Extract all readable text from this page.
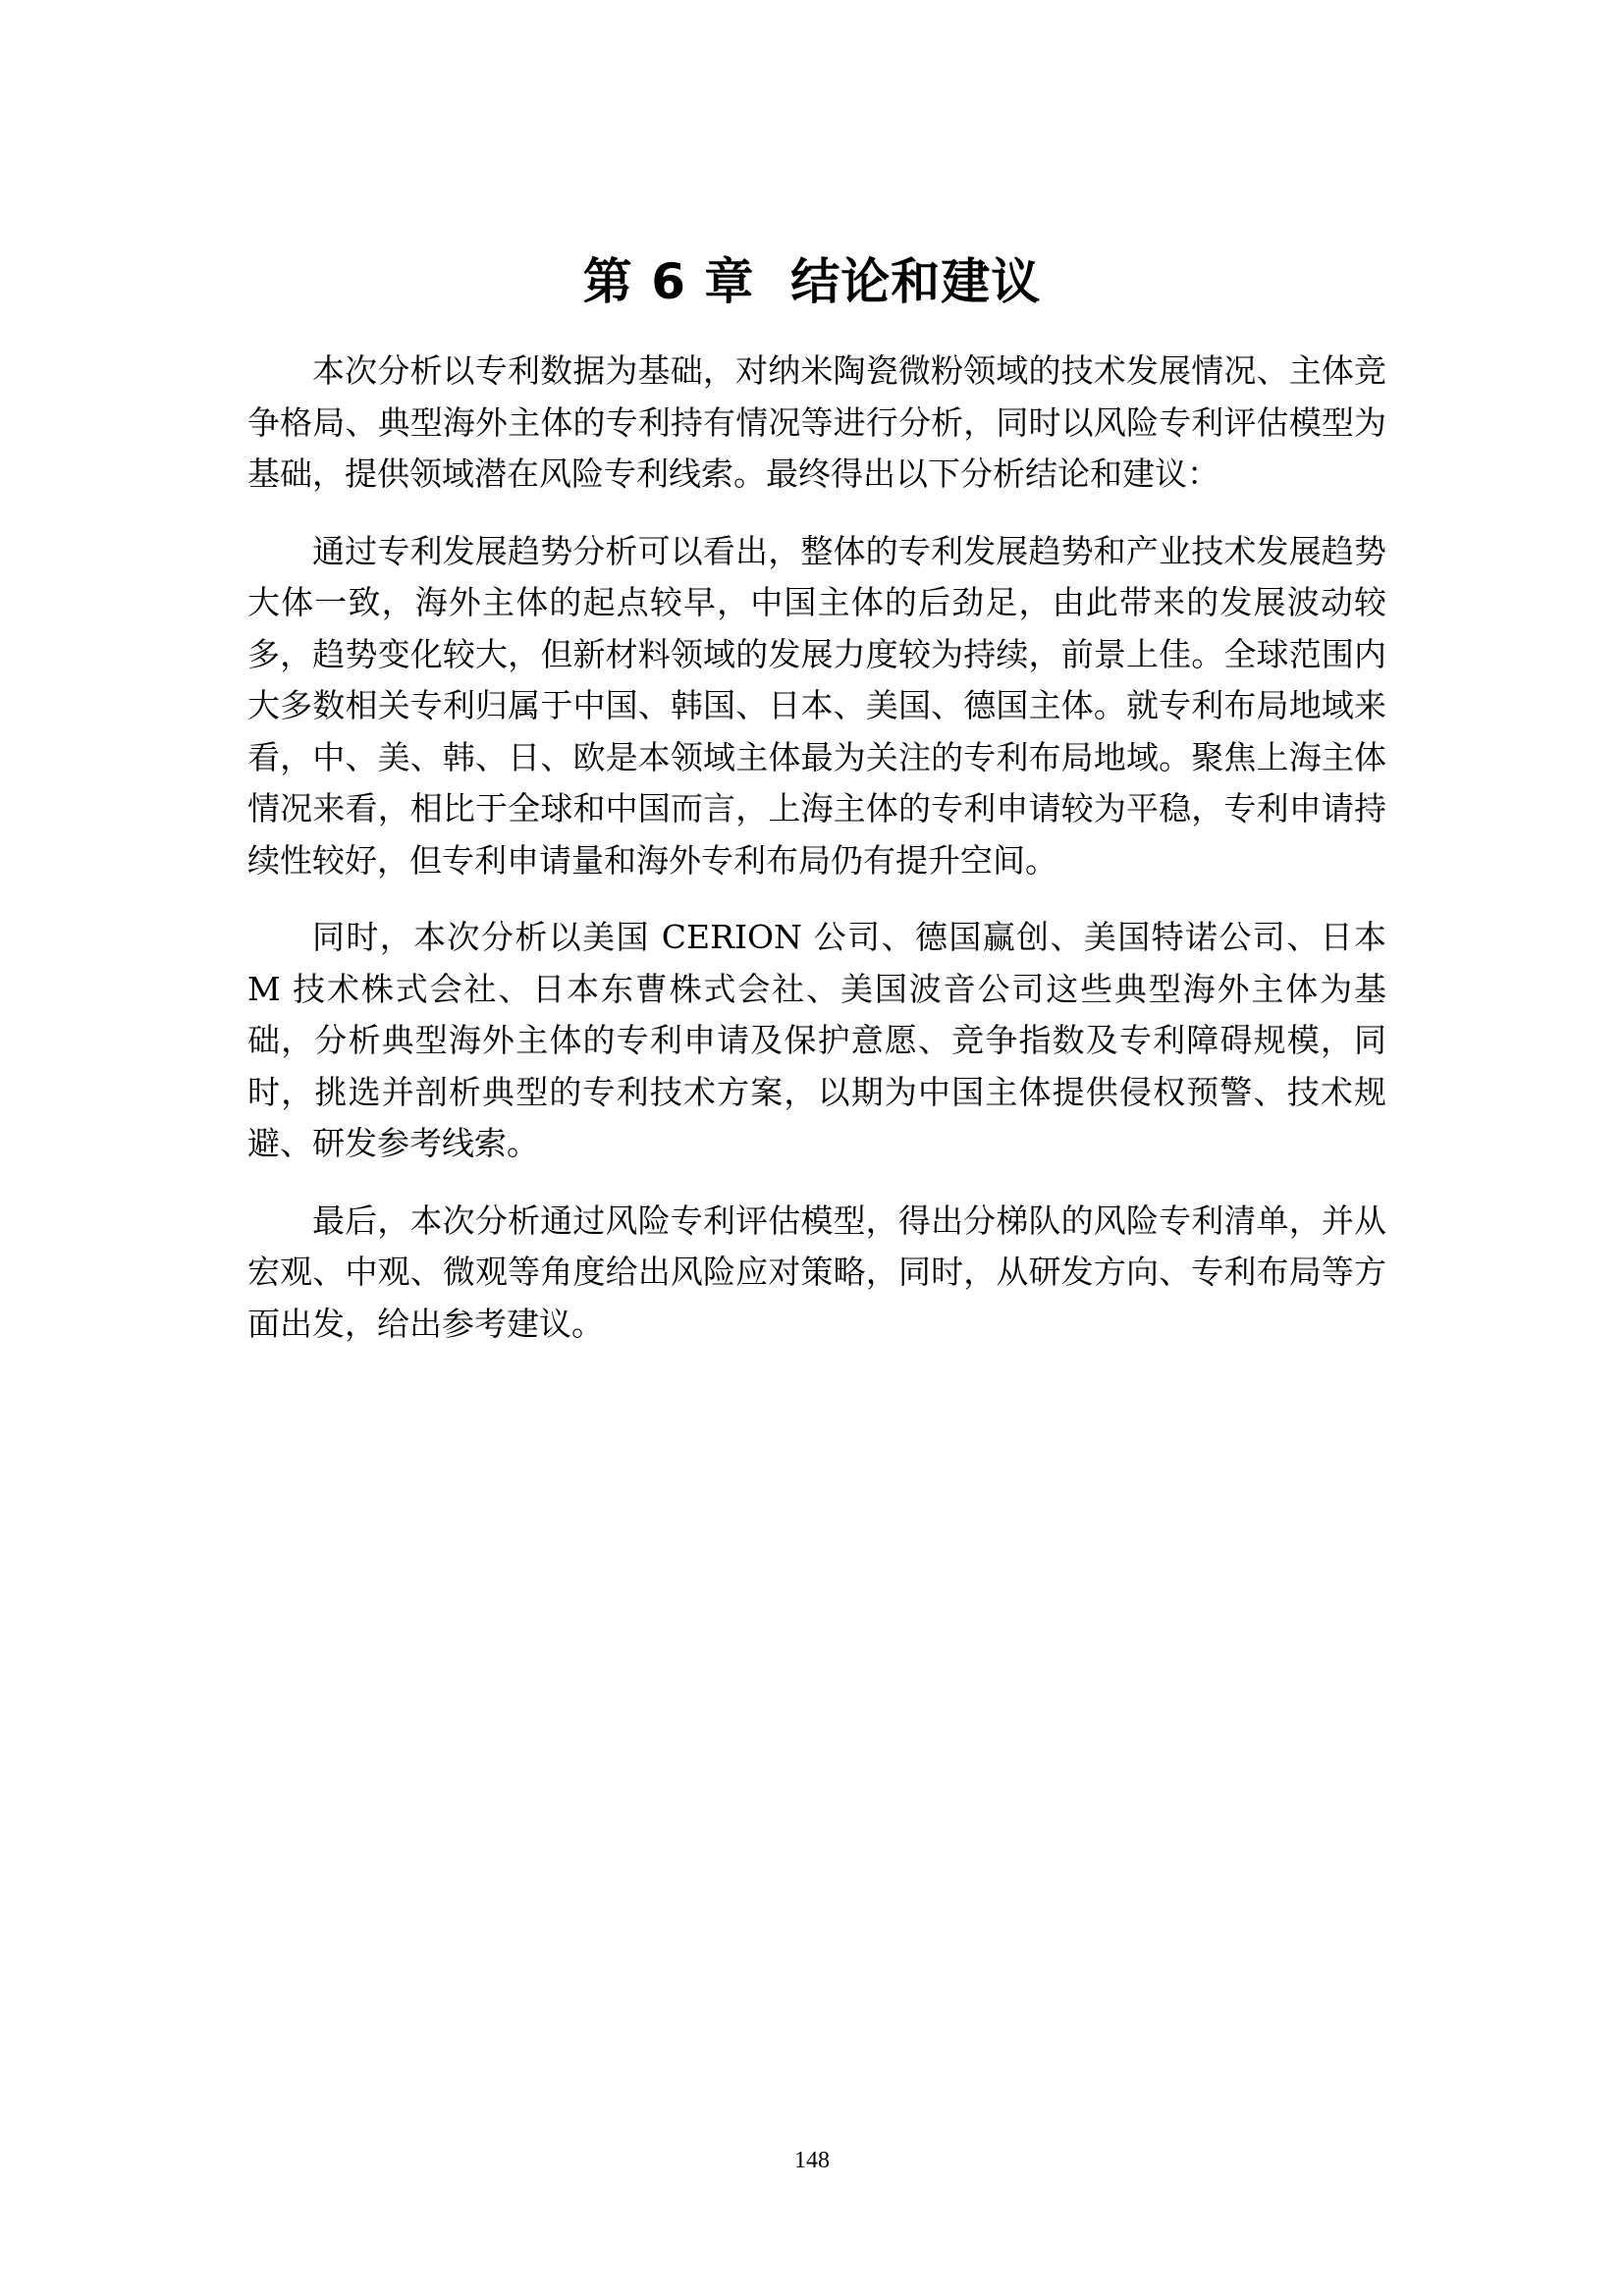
第 6 章  结论和建议

本次分析以专利数据为基础，对纳米陶瓷微粉领域的技术发展情况、主体竞争格局、典型海外主体的专利持有情况等进行分析，同时以风险专利评估模型为基础，提供领域潜在风险专利线索。最终得出以下分析结论和建议：

通过专利发展趋势分析可以看出，整体的专利发展趋势和产业技术发展趋势大体一致，海外主体的起点较早，中国主体的后劲足，由此带来的发展波动较多，趋势变化较大，但新材料领域的发展力度较为持续，前景上佳。全球范围内大多数相关专利归属于中国、韩国、日本、美国、德国主体。就专利布局地域来看，中、美、韩、日、欧是本领域主体最为关注的专利布局地域。聚焦上海主体情况来看，相比于全球和中国而言，上海主体的专利申请较为平稳，专利申请持续性较好，但专利申请量和海外专利布局仍有提升空间。

同时，本次分析以美国 CERION 公司、德国赢创、美国特诺公司、日本 M 技术株式会社、日本东曹株式会社、美国波音公司这些典型海外主体为基础，分析典型海外主体的专利申请及保护意愿、竞争指数及专利障碍规模，同时，挑选并剖析典型的专利技术方案，以期为中国主体提供侵权预警、技术规避、研发参考线索。

最后，本次分析通过风险专利评估模型，得出分梯队的风险专利清单，并从宏观、中观、微观等角度给出风险应对策略，同时，从研发方向、专利布局等方面出发，给出参考建议。

148
